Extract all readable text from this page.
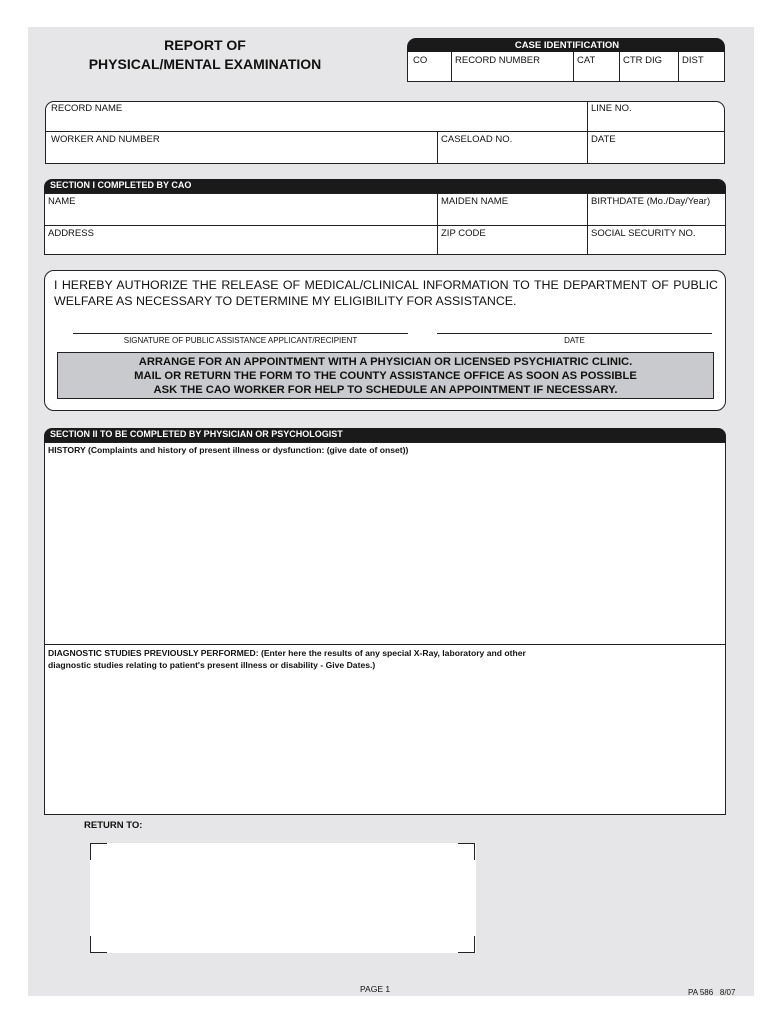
REPORT OF
PHYSICAL/MENTAL EXAMINATION
CASE IDENTIFICATION
CO	RECORD NUMBER	CAT	CTR DIG DIST
RECORD NAME	LINE NO.
WORKER AND NUMBER	CASELOAD NO.	DATE
SECTION I COMPLETED BY CAO
NAME	MAIDEN NAME	BIRTHDATE (Mo./Day/Year)
ADDRESS	ZIP CODE	SOCIAL SECURITY NO.
I HEREBY AUTHORIZE THE RELEASE OF MEDICAL/CLINICAL INFORMATION TO THE DEPARTMENT OF PUBLIC WELFARE AS NECESSARY TO DETERMINE MY ELIGIBILITY FOR ASSISTANCE.
SIGNATURE OF PUBLIC ASSISTANCE APPLICANT/RECIPIENT	DATE
ARRANGE FOR AN APPOINTMENT WITH A PHYSICIAN OR LICENSED PSYCHIATRIC CLINIC.
MAIL OR RETURN THE FORM TO THE COUNTY ASSISTANCE OFFICE AS SOON AS POSSIBLE
ASK THE CAO WORKER FOR HELP TO SCHEDULE AN APPOINTMENT IF NECESSARY.
SECTION II TO BE COMPLETED BY PHYSICIAN OR PSYCHOLOGIST
HISTORY (Complaints and history of present illness or dysfunction: (give date of onset))
DIAGNOSTIC STUDIES PREVIOUSLY PERFORMED: (Enter here the results of any special X-Ray, laboratory and other
diagnostic studies relating to patient's present illness or disability - Give Dates.)
RETURN TO:
PAGE 1	PA 586   8/07
